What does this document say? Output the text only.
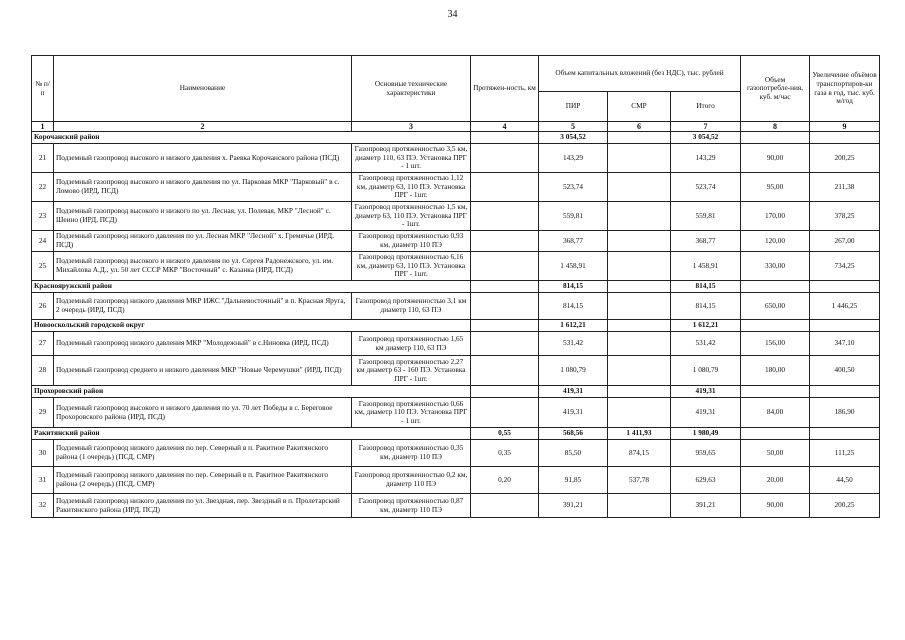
34
№ п/п	Наименование	Основные технические характеристики	Протяжен-ность, км	Объем капитальных вложений (без НДС), тыс. рублей			Объем газопотребле-ния, куб. м/час	Увеличение объёмов транспортиров-ки газа в год, тыс. куб. м/год
				ПИР	СМР	Итого		
1	2	3	4	5	6	7	8	9
Корочанский район				3 054,52		3 054,52		
21	Подземный газопровод высокого и низкого давления х. Раевка Корочанского района (ПСД)	Газопровод протяженностью 3,5 км, диаметр 110, 63 ПЭ. Установка ПРГ - 1 шт.		143,29		143,29	90,00	200,25
22	Подземный газопровод высокого и низкого давления по ул. Парковая МКР "Парковый" в с. Ломово (ИРД, ПСД)	Газопровод протяженностью 1,12 км, диаметр 63, 110 ПЭ. Установка ПРГ - 1шт.		523,74		523,74	95,00	211,38
23	Подземный газопровод высокого и низкого по ул. Лесная, ул. Полевая, МКР "Лесной" с. Шеино (ИРД, ПСД)	Газопровод протяженностью 1,5 км, диаметр 63, 110 ПЭ. Установка ПРГ - 1шт.		559,81		559,81	170,00	378,25
24	Подземный газопровод низкого давления по ул. Лесная МКР "Лесной" х. Гремячье (ИРД, ПСД)	Газопровод протяженностью 0,93 км, диаметр 110 ПЭ		368,77		368,77	120,00	267,00
25	Подземный газопровод высокого и низкого давления по ул. Сергея Радонежского, ул. им. Михайлова А.Д., ул. 50 лет СССР МКР "Восточный" с. Казанка (ИРД, ПСД)	Газопровод протяженностью 6,16 км, диаметр 63, 110 ПЭ. Установка ПРГ - 1шт.		1 458,91		1 458,91	330,00	734,25
Краснояружский район				814,15		814,15		
26	Подземный газопровод низкого давления МКР ИЖС "Дальневосточный" в п. Красная Яруга, 2 очередь (ИРД, ПСД)	Газопровод протяженностью 3,1 км диаметр 110, 63 ПЭ		814,15		814,15	650,00	1 446,25
Новооскольский городской округ				1 612,21		1 612,21		
27	Подземный газопровод низкого давления МКР "Молодежный" в с.Ниновка (ИРД, ПСД)	Газопровод протяженностью 1,65 км диаметр 110, 63 ПЭ		531,42		531,42	156,00	347,10
28	Подземный газопровод среднего и низкого давления МКР "Новые Черемушки" (ИРД, ПСД)	Газопровод протяженностью 2,27 км диаметр 63 - 160 ПЭ. Установка ПРГ - 1шт.		1 080,79		1 080,79	180,00	400,50
Прохоровский район				419,31		419,31		
29	Подземный газопровод высокого и низкого давления по ул. 70 лет Победы в с. Береговое Прохоровского района (ИРД, ПСД)	Газопровод протяженностью 0,66 км, диаметр 110 ПЭ. Установка ПРГ - 1 шт.		419,31		419,31	84,00	186,90
Ракитянский район			0,55	568,56	1 411,93	1 980,49		
30	Подземный газопровод низкого давления по пер. Северный в п. Ракитное Ракитянского района (1 очередь) (ПСД, СМР)	Газопровод протяженностью 0,35 км, диаметр 110 ПЭ	0,35	85,50	874,15	959,65	50,00	111,25
31	Подземный газопровод низкого давления по пер. Северный в п. Ракитное Ракитянского района (2 очередь) (ПСД, СМР)	Газопровод протяженностью 0,2 км, диаметр 110 ПЭ	0,20	91,85	537,78	629,63	20,00	44,50
32	Подземный газопровод низкого давления по ул. Звездная, пер. Звездный в п. Пролетарский Ракитянского района (ИРД, ПСД)	Газопровод протяженностью 0,87 км, диаметр 110 ПЭ		391,21		391,21	90,00	200,25
